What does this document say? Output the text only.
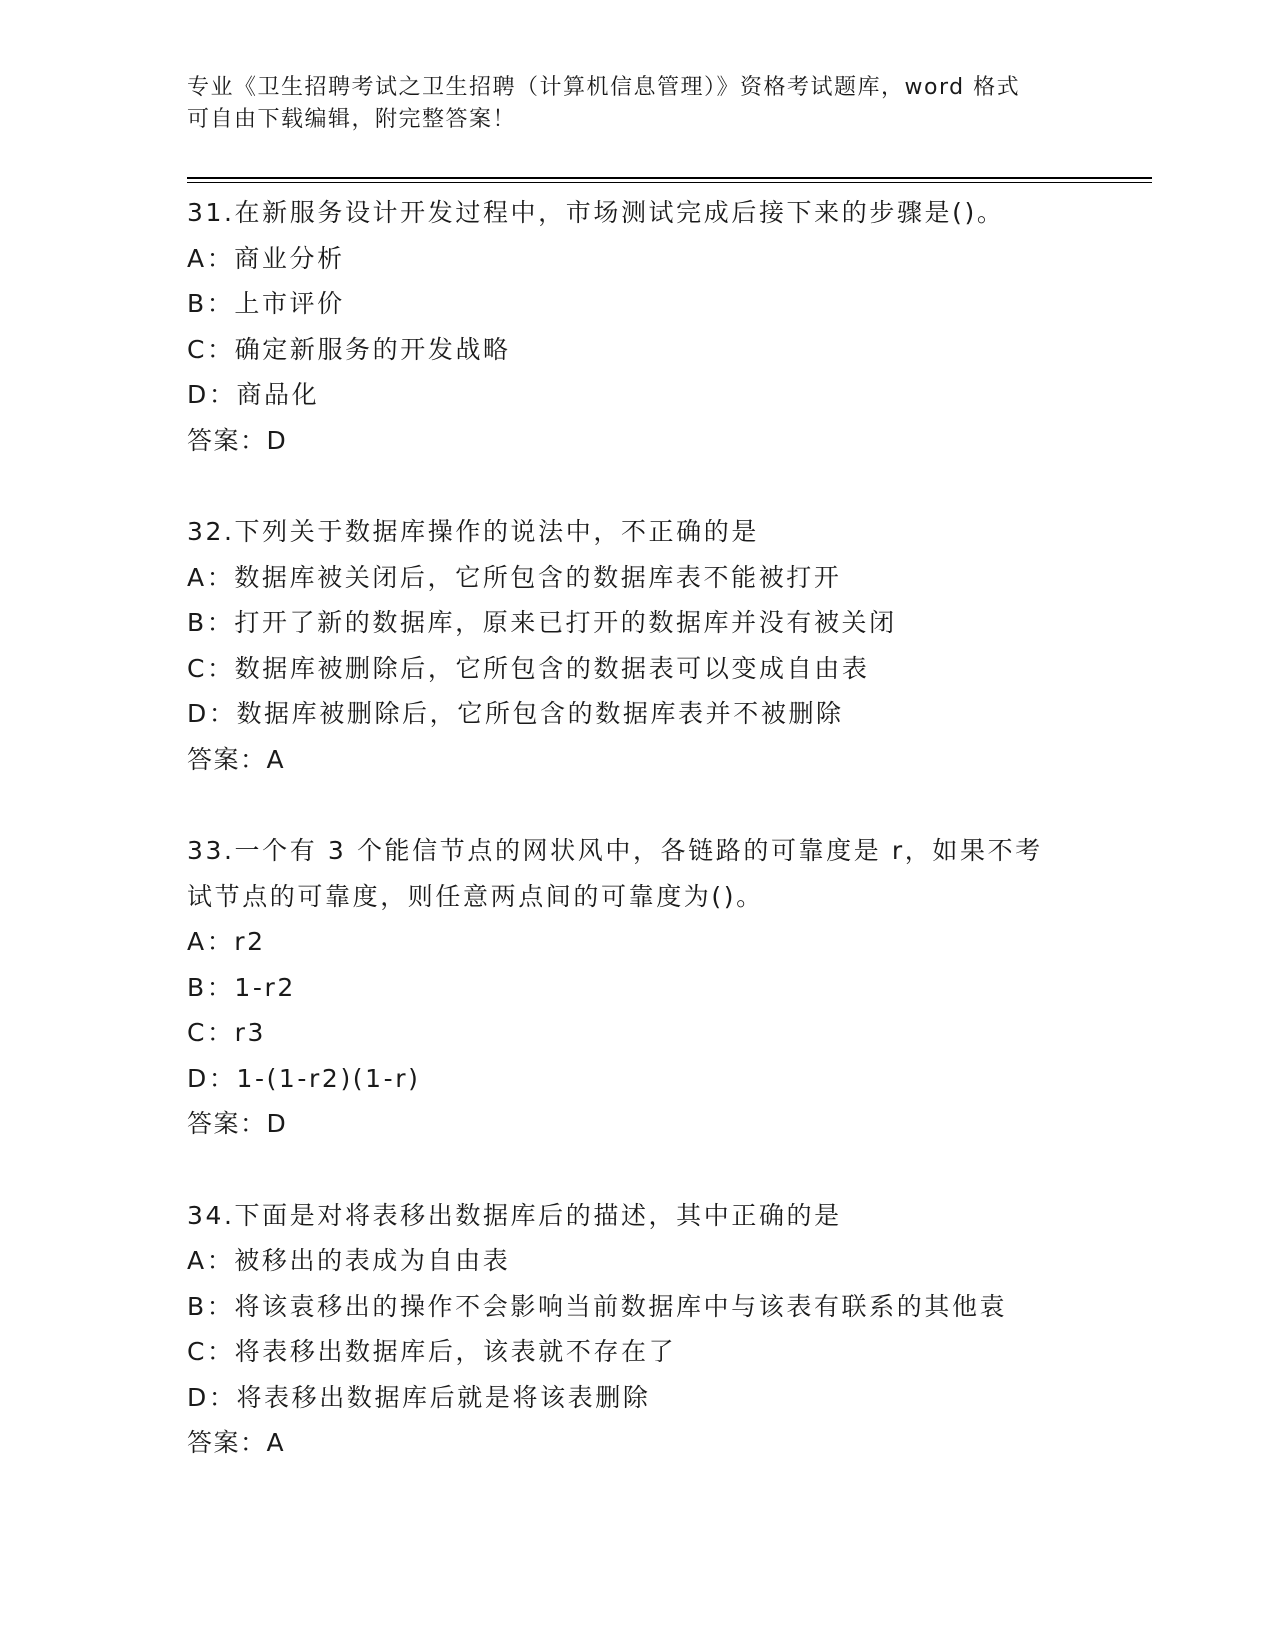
专业《卫生招聘考试之卫生招聘（计算机信息管理）》资格考试题库，word 格式
可自由下载编辑，附完整答案！
31.在新服务设计开发过程中，市场测试完成后接下来的步骤是()。
A：商业分析
B：上市评价
C：确定新服务的开发战略
D：商品化
答案：D
32.下列关于数据库操作的说法中，不正确的是
A：数据库被关闭后，它所包含的数据库表不能被打开
B：打开了新的数据库，原来已打开的数据库并没有被关闭
C：数据库被删除后，它所包含的数据表可以变成自由表
D：数据库被删除后，它所包含的数据库表并不被删除
答案：A
33.一个有 3 个能信节点的网状风中，各链路的可靠度是 r，如果不考
试节点的可靠度，则任意两点间的可靠度为()。
A：r2
B：1-r2
C：r3
D：1-(1-r2)(1-r)
答案：D
34.下面是对将表移出数据库后的描述，其中正确的是
A：被移出的表成为自由表
B：将该袁移出的操作不会影响当前数据库中与该表有联系的其他袁
C：将表移出数据库后，该表就不存在了
D：将表移出数据库后就是将该表删除
答案：A
